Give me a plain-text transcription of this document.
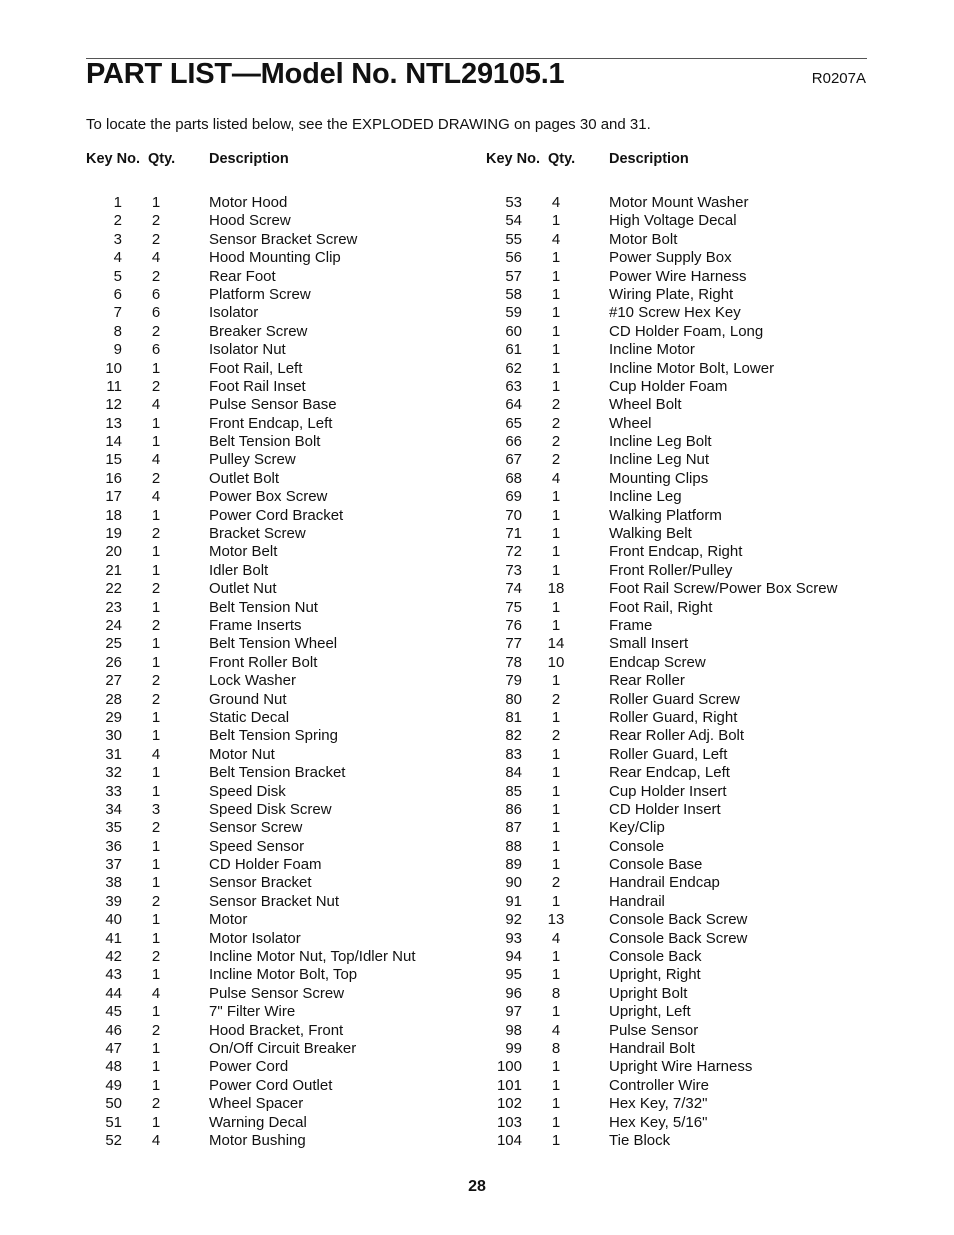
PART LIST—Model No. NTL29105.1	R0207A
To locate the parts listed below, see the EXPLODED DRAWING on pages 30 and 31.
Key No. Qty. Description
1	1	Motor Hood
2	2	Hood Screw
3	2	Sensor Bracket Screw
4	4	Hood Mounting Clip
5	2	Rear Foot
6	6	Platform Screw
7	6	Isolator
8	2	Breaker Screw
9	6	Isolator Nut
10	1	Foot Rail, Left
11	2	Foot Rail Inset
12	4	Pulse Sensor Base
13	1	Front Endcap, Left
14	1	Belt Tension Bolt
15	4	Pulley Screw
16	2	Outlet Bolt
17	4	Power Box Screw
18	1	Power Cord Bracket
19	2	Bracket Screw
20	1	Motor Belt
21	1	Idler Bolt
22	2	Outlet Nut
23	1	Belt Tension Nut
24	2	Frame Inserts
25	1	Belt Tension Wheel
26	1	Front Roller Bolt
27	2	Lock Washer
28	2	Ground Nut
29	1	Static Decal
30	1	Belt Tension Spring
31	4	Motor Nut
32	1	Belt Tension Bracket
33	1	Speed Disk
34	3	Speed Disk Screw
35	2	Sensor Screw
36	1	Speed Sensor
37	1	CD Holder Foam
38	1	Sensor Bracket
39	2	Sensor Bracket Nut
40	1	Motor
41	1	Motor Isolator
42	2	Incline Motor Nut, Top/Idler Nut
43	1	Incline Motor Bolt, Top
44	4	Pulse Sensor Screw
45	1	7" Filter Wire
46	2	Hood Bracket, Front
47	1	On/Off Circuit Breaker
48	1	Power Cord
49	1	Power Cord Outlet
50	2	Wheel Spacer
51	1	Warning Decal
52	4	Motor Bushing
Key No. Qty. Description
53	4	Motor Mount Washer
54	1	High Voltage Decal
55	4	Motor Bolt
56	1	Power Supply Box
57	1	Power Wire Harness
58	1	Wiring Plate, Right
59	1	#10 Screw Hex Key
60	1	CD Holder Foam, Long
61	1	Incline Motor
62	1	Incline Motor Bolt, Lower
63	1	Cup Holder Foam
64	2	Wheel Bolt
65	2	Wheel
66	2	Incline Leg Bolt
67	2	Incline Leg Nut
68	4	Mounting Clips
69	1	Incline Leg
70	1	Walking Platform
71	1	Walking Belt
72	1	Front Endcap, Right
73	1	Front Roller/Pulley
74 18	Foot Rail Screw/Power Box Screw
75	1	Foot Rail, Right
76	1	Frame
77 14	Small Insert
78 10	Endcap Screw
79	1	Rear Roller
80	2	Roller Guard Screw
81	1	Roller Guard, Right
82	2	Rear Roller Adj. Bolt
83	1	Roller Guard, Left
84	1	Rear Endcap, Left
85	1	Cup Holder Insert
86	1	CD Holder Insert
87	1	Key/Clip
88	1	Console
89	1	Console Base
90	2	Handrail Endcap
91	1	Handrail
92 13	Console Back Screw
93	4	Console Back Screw
94	1	Console Back
95	1	Upright, Right
96	8	Upright Bolt
97	1	Upright, Left
98	4	Pulse Sensor
99	8	Handrail Bolt
100	1	Upright Wire Harness
101	1	Controller Wire
102	1	Hex Key, 7/32"
103	1	Hex Key, 5/16"
104	1	Tie Block
28
